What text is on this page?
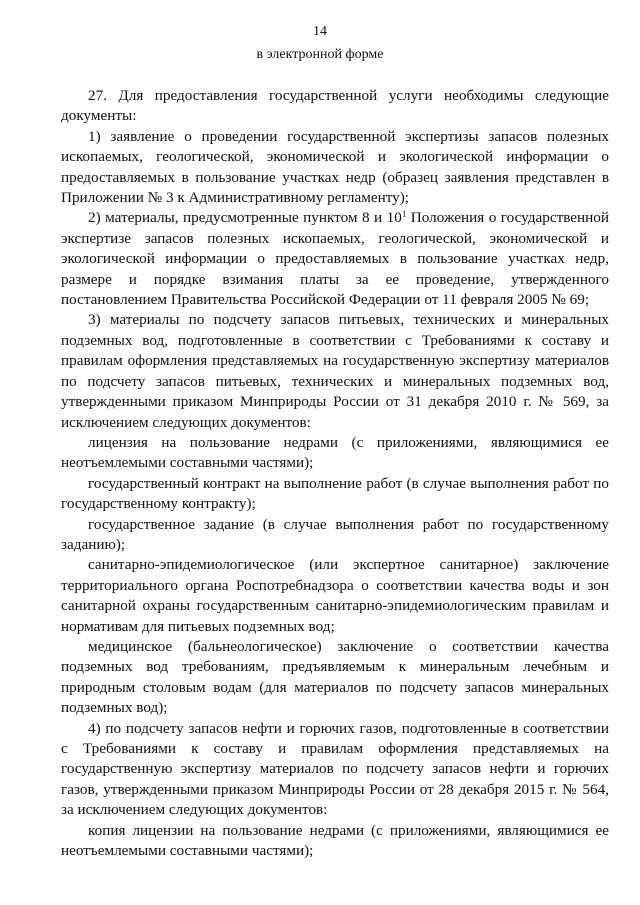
14
в электронной форме

27. Для предоставления государственной услуги необходимы следующие документы:

1) заявление о проведении государственной экспертизы запасов полезных ископаемых, геологической, экономической и экологической информации о предоставляемых в пользование участках недр (образец заявления представлен в Приложении № 3 к Административному регламенту);

2) материалы, предусмотренные пунктом 8 и $10^1$ Положения о государственной экспертизе запасов полезных ископаемых, геологической, экономической и экологической информации о предоставляемых в пользование участках недр, размере и порядке взимания платы за ее проведение, утвержденного постановлением Правительства Российской Федерации от 11 февраля 2005 № 69;

3) материалы по подсчету запасов питьевых, технических и минеральных подземных вод, подготовленные в соответствии с Требованиями к составу и правилам оформления представляемых на государственную экспертизу материалов по подсчету запасов питьевых, технических и минеральных подземных вод, утвержденными приказом Минприроды России от 31 декабря 2010 г. № 569, за исключением следующих документов:

лицензия на пользование недрами (с приложениями, являющимися ее неотъемлемыми составными частями);

государственный контракт на выполнение работ (в случае выполнения работ по государственному контракту);

государственное задание (в случае выполнения работ по государственному заданию);

санитарно-эпидемиологическое (или экспертное санитарное) заключение территориального органа Роспотребнадзора о соответствии качества воды и зон санитарной охраны государственным санитарно-эпидемиологическим правилам и нормативам для питьевых подземных вод;

медицинское (бальнеологическое) заключение о соответствии качества подземных вод требованиям, предъявляемым к минеральным лечебным и природным столовым водам (для материалов по подсчету запасов минеральных подземных вод);

4) по подсчету запасов нефти и горючих газов, подготовленные в соответствии с Требованиями к составу и правилам оформления представляемых на государственную экспертизу материалов по подсчету запасов нефти и горючих газов, утвержденными приказом Минприроды России от 28 декабря 2015 г. № 564, за исключением следующих документов:

копия лицензии на пользование недрами (с приложениями, являющимися ее неотъемлемыми составными частями);
